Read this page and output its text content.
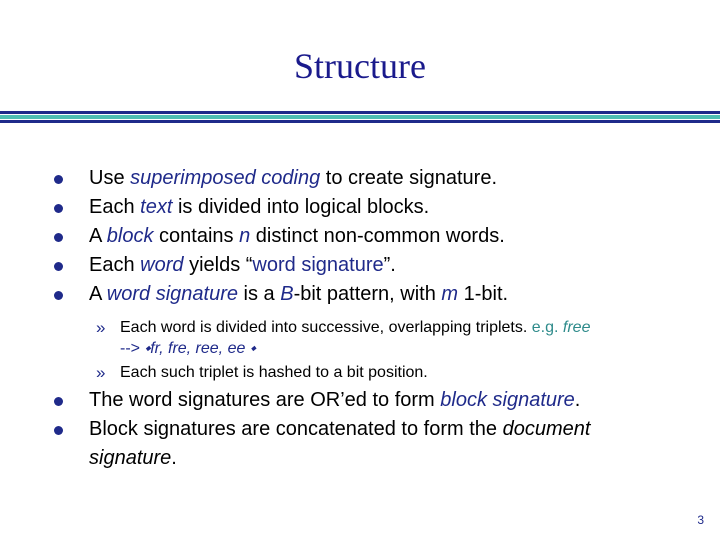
Structure
Use superimposed coding to create signature.
Each text is divided into logical blocks.
A block contains n distinct non-common words.
Each word yields “word signature”.
A word signature is a B-bit pattern, with m 1-bit.
» Each word is divided into successive, overlapping triplets. e.g. free
--> ⬩fr, fre, ree, ee ⬩
» Each such triplet is hashed to a bit position.
The word signatures are OR’ed to form block signature.
Block signatures are concatenated to form the document
signature.
3
